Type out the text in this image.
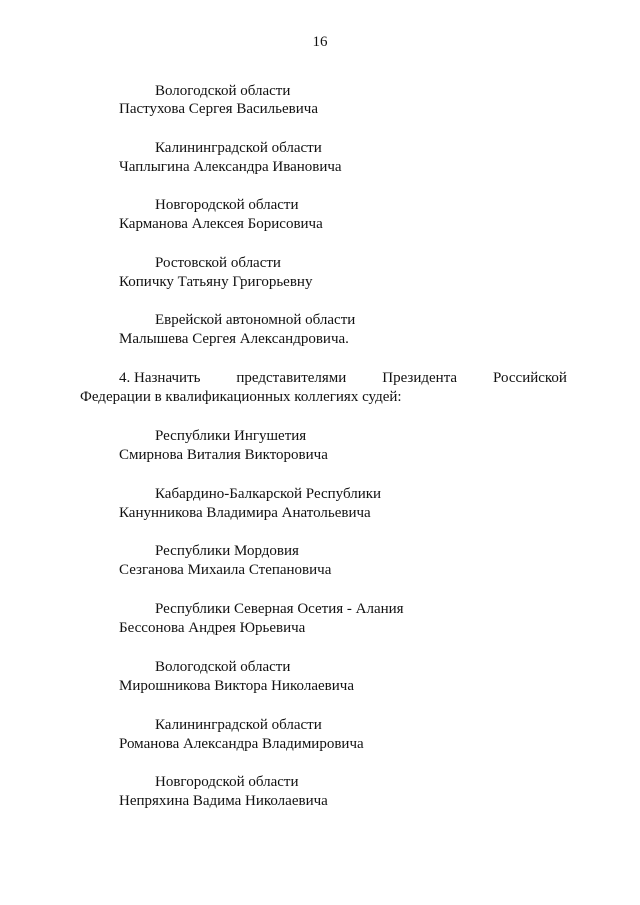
16
Вологодской области
Пастухова Сергея Васильевича
Калининградской области
Чаплыгина Александра Ивановича
Новгородской области
Карманова Алексея Борисовича
Ростовской области
Копичку Татьяну Григорьевну
Еврейской автономной области
Малышева Сергея Александровича.
4. Назначить представителями Президента Российской
Федерации в квалификационных коллегиях судей:
Республики Ингушетия
Смирнова Виталия Викторовича
Кабардино-Балкарской Республики
Канунникова Владимира Анатольевича
Республики Мордовия
Сезганова Михаила Степановича
Республики Северная Осетия - Алания
Бессонова Андрея Юрьевича
Вологодской области
Мирошникова Виктора Николаевича
Калининградской области
Романова Александра Владимировича
Новгородской области
Непряхина Вадима Николаевича
